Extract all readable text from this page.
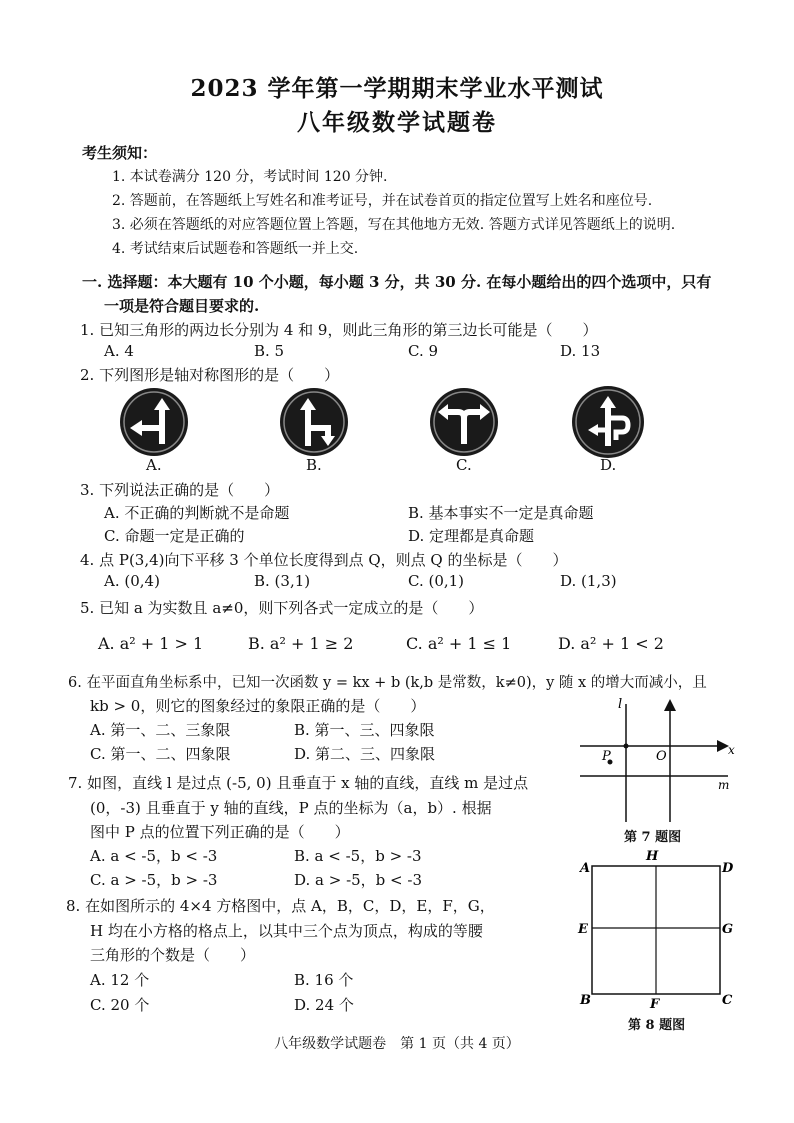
2023 学年第一学期期末学业水平测试
八年级数学试题卷
考生须知：
1. 本试卷满分 120 分，考试时间 120 分钟.
2. 答题前，在答题纸上写姓名和准考证号，并在试卷首页的指定位置写上姓名和座位号.
3. 必须在答题纸的对应答题位置上答题，写在其他地方无效. 答题方式详见答题纸上的说明.
4. 考试结束后试题卷和答题纸一并上交.
一. 选择题：本大题有 10 个小题，每小题 3 分，共 30 分. 在每小题给出的四个选项中，只有
一项是符合题目要求的.
1. 已知三角形的两边长分别为 4 和 9，则此三角形的第三边长可能是（　　）
A. 4	B. 5	C. 9	D. 13
2. 下列图形是轴对称图形的是（　　）
A.	B.	C.	D.
3. 下列说法正确的是（　　）
A. 不正确的判断就不是命题	B. 基本事实不一定是真命题
C. 命题一定是正确的	D. 定理都是真命题
4. 点 P(3,4)向下平移 3 个单位长度得到点 Q，则点 Q 的坐标是（　　）
A. (0,4)	B. (3,1)	C. (0,1)	D. (1,3)
5. 已知 a 为实数且 a≠0，则下列各式一定成立的是（　　）
A. a² + 1 > 1	B. a² + 1 ≥ 2	C. a² + 1 ≤ 1	D. a² + 1 < 2
6. 在平面直角坐标系中，已知一次函数 y = kx + b (k,b 是常数，k≠0)，y 随 x 的增大而减小，且
kb > 0，则它的图象经过的象限正确的是（　　）
A. 第一、二、三象限	B. 第一、三、四象限
C. 第一、二、四象限	D. 第二、三、四象限
l
O	x
P
m
第 7 题图
7. 如图，直线 l 是过点 (-5, 0) 且垂直于 x 轴的直线，直线 m 是过点
(0，-3) 且垂直于 y 轴的直线，P 点的坐标为（a，b）. 根据
图中 P 点的位置下列正确的是（　　）
A. a < -5，b < -3	B. a < -5，b > -3
C. a > -5，b > -3	D. a > -5，b < -3
A
H
D
E	G
B	F	C
第 8 题图
8. 在如图所示的 4×4 方格图中，点 A，B，C，D，E，F，G，
H 均在小方格的格点上，以其中三个点为顶点，构成的等腰
三角形的个数是（　　）
A. 12 个	B. 16 个
C. 20 个	D. 24 个
八年级数学试题卷　第 1 页（共 4 页）
